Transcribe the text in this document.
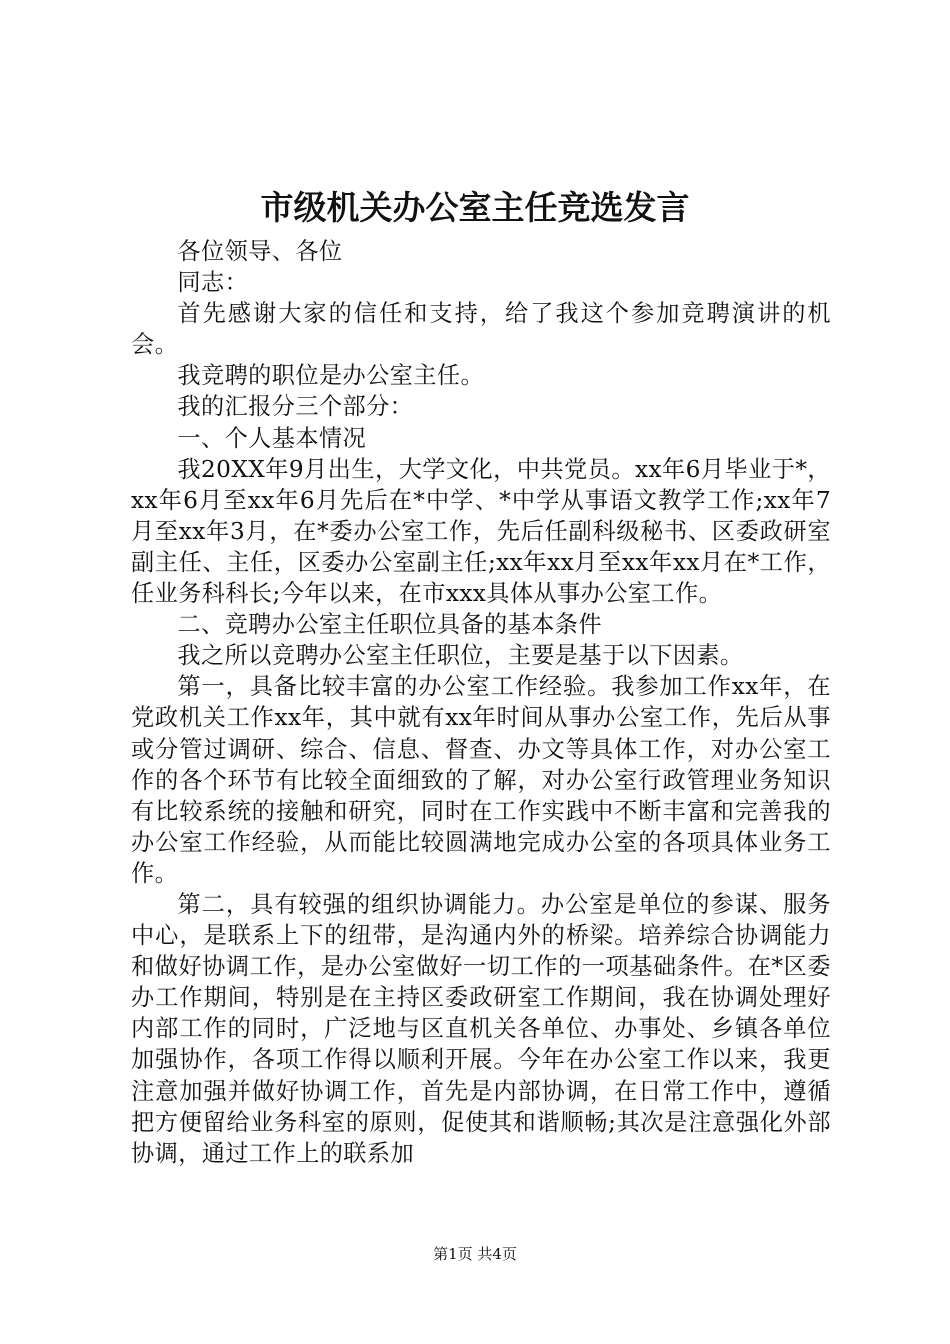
市级机关办公室主任竞选发言

各位领导、各位

同志：

首先感谢大家的信任和支持，给了我这个参加竞聘演讲的机会。

我竞聘的职位是办公室主任。

我的汇报分三个部分：

一、个人基本情况

我20XX年9月出生，大学文化，中共党员。xx年6月毕业于*，xx年6月至xx年6月先后在*中学、*中学从事语文教学工作;xx年7月至xx年3月，在*委办公室工作，先后任副科级秘书、区委政研室副主任、主任，区委办公室副主任;xx年xx月至xx年xx月在*工作，任业务科科长;今年以来，在市xxx具体从事办公室工作。

二、竞聘办公室主任职位具备的基本条件

我之所以竞聘办公室主任职位，主要是基于以下因素。

第一，具备比较丰富的办公室工作经验。我参加工作xx年，在党政机关工作xx年，其中就有xx年时间从事办公室工作，先后从事或分管过调研、综合、信息、督查、办文等具体工作，对办公室工作的各个环节有比较全面细致的了解，对办公室行政管理业务知识有比较系统的接触和研究，同时在工作实践中不断丰富和完善我的办公室工作经验，从而能比较圆满地完成办公室的各项具体业务工作。

第二，具有较强的组织协调能力。办公室是单位的参谋、服务中心，是联系上下的纽带，是沟通内外的桥梁。培养综合协调能力和做好协调工作，是办公室做好一切工作的一项基础条件。在*区委办工作期间，特别是在主持区委政研室工作期间，我在协调处理好内部工作的同时，广泛地与区直机关各单位、办事处、乡镇各单位加强协作，各项工作得以顺利开展。今年在办公室工作以来，我更注意加强并做好协调工作，首先是内部协调，在日常工作中，遵循把方便留给业务科室的原则，促使其和谐顺畅;其次是注意强化外部协调，通过工作上的联系加

第1页 共4页
